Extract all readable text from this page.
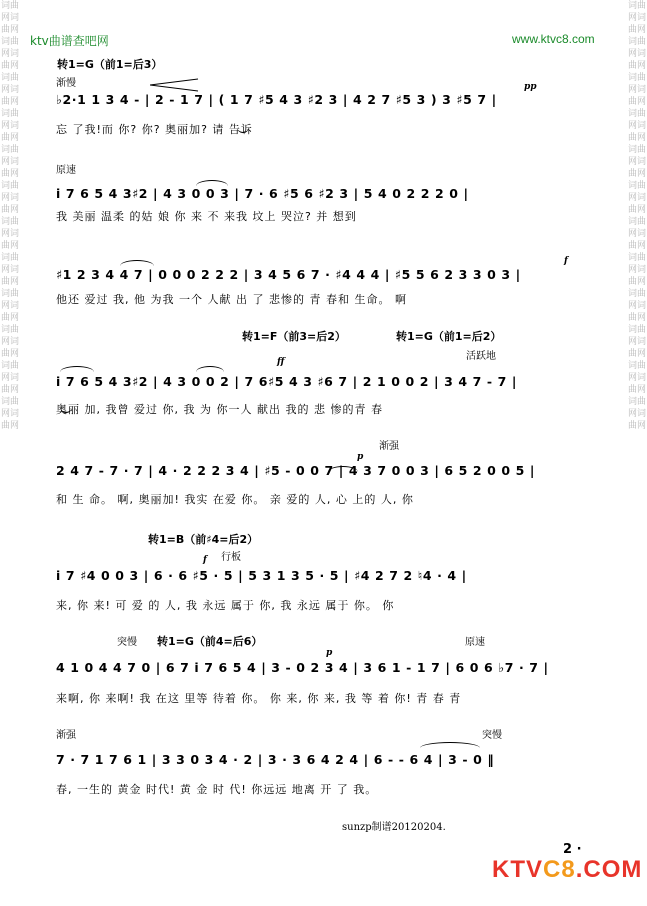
词曲网词曲网词曲网词曲网词曲网词曲网词曲网词曲网词曲网词曲网词曲网词曲网词曲网词曲网词曲网词曲网词曲网词曲网词曲网词曲网词曲网词曲网词曲网词曲网
词曲网词曲网词曲网词曲网词曲网词曲网词曲网词曲网词曲网词曲网词曲网词曲网词曲网词曲网词曲网词曲网词曲网词曲网词曲网词曲网词曲网词曲网词曲网词曲网
ktv曲谱查吧网	www.ktvc8.com
转1=G（前1=后3）
渐慢
♭2·1 1 3 4 - | 2 - 1 7 | ( 1 7 ♯5 4 3 ♯2 3 | 4 2 7 ♯5 3 ) 3 ♯5 7 |
忘 了我!而 你? 你? 奥丽加? 请 告诉
原速
i 7 6 5 4 3♯2 | 4 3 0 0 3 | 7 · 6 ♯5 6 ♯2 3 | 5 4 0 2 2 2 0 |
我 美丽 温柔 的姑 娘 你 来 不 来我 坟上 哭泣? 并 想到
♯1 2 3 4 4 7 | 0 0 0 2 2 2 | 3 4 5 6 7 · ♯4 4 4 | ♯5 5 6 2 3 3 0 3 |
他还 爱过 我, 他 为我 一个 人献 出 了 悲惨的 青 春和 生命。 啊
转1=F（前3=后2）	转1=G（前1=后2）
活跃地
i 7 6 5 4 3♯2 | 4 3 0 0 2 | 7 6♯5 4 3 ♯6 7 | 2 1 0 0 2 | 3 4 7 - 7 |
奥丽 加, 我曾 爱过 你, 我 为 你一人 献出 我的 悲 惨的青 春
渐强
2 4 7 - 7 · 7 | 4 · 2 2 2 3 4 | ♯5 - 0 0 7 | 4 3 7 0 0 3 | 6 5 2 0 0 5 |
和 生 命。 啊, 奥丽加! 我实 在爱 你。 亲 爱的 人, 心 上的 人, 你
转1=B（前♯4=后2）
行板
i 7 ♯4 0 0 3 | 6 · 6 ♯5 · 5 | 5 3 1 3 5 · 5 | ♯4 2 7 2 ♮4 · 4 |
来, 你 来! 可 爱 的 人, 我 永远 属于 你, 我 永远 属于 你。 你
突慢 转1=G（前4=后6）	原速
4 1 0 4 4 7 0 | 6 7 i 7 6 5 4 | 3 - 0 2 3 4 | 3 6 1 - 1 7 | 6 0 6 ♭7 · 7 |
来啊, 你 来啊! 我 在这 里等 待着 你。 你 来, 你 来, 我 等 着 你! 青 春 青
渐强	突慢
7 · 7 1 7 6 1 | 3 3 0 3 4 · 2 | 3 · 3 6 4 2 4 | 6 - - 6 4 | 3 - 0 ‖
春, 一生的 黄金 时代! 黄 金 时 代! 你远远 地离 开 了 我。
pp
f
ff
p
f
p
sunzp制谱20120204.
2 ·
KTVC8.COM
